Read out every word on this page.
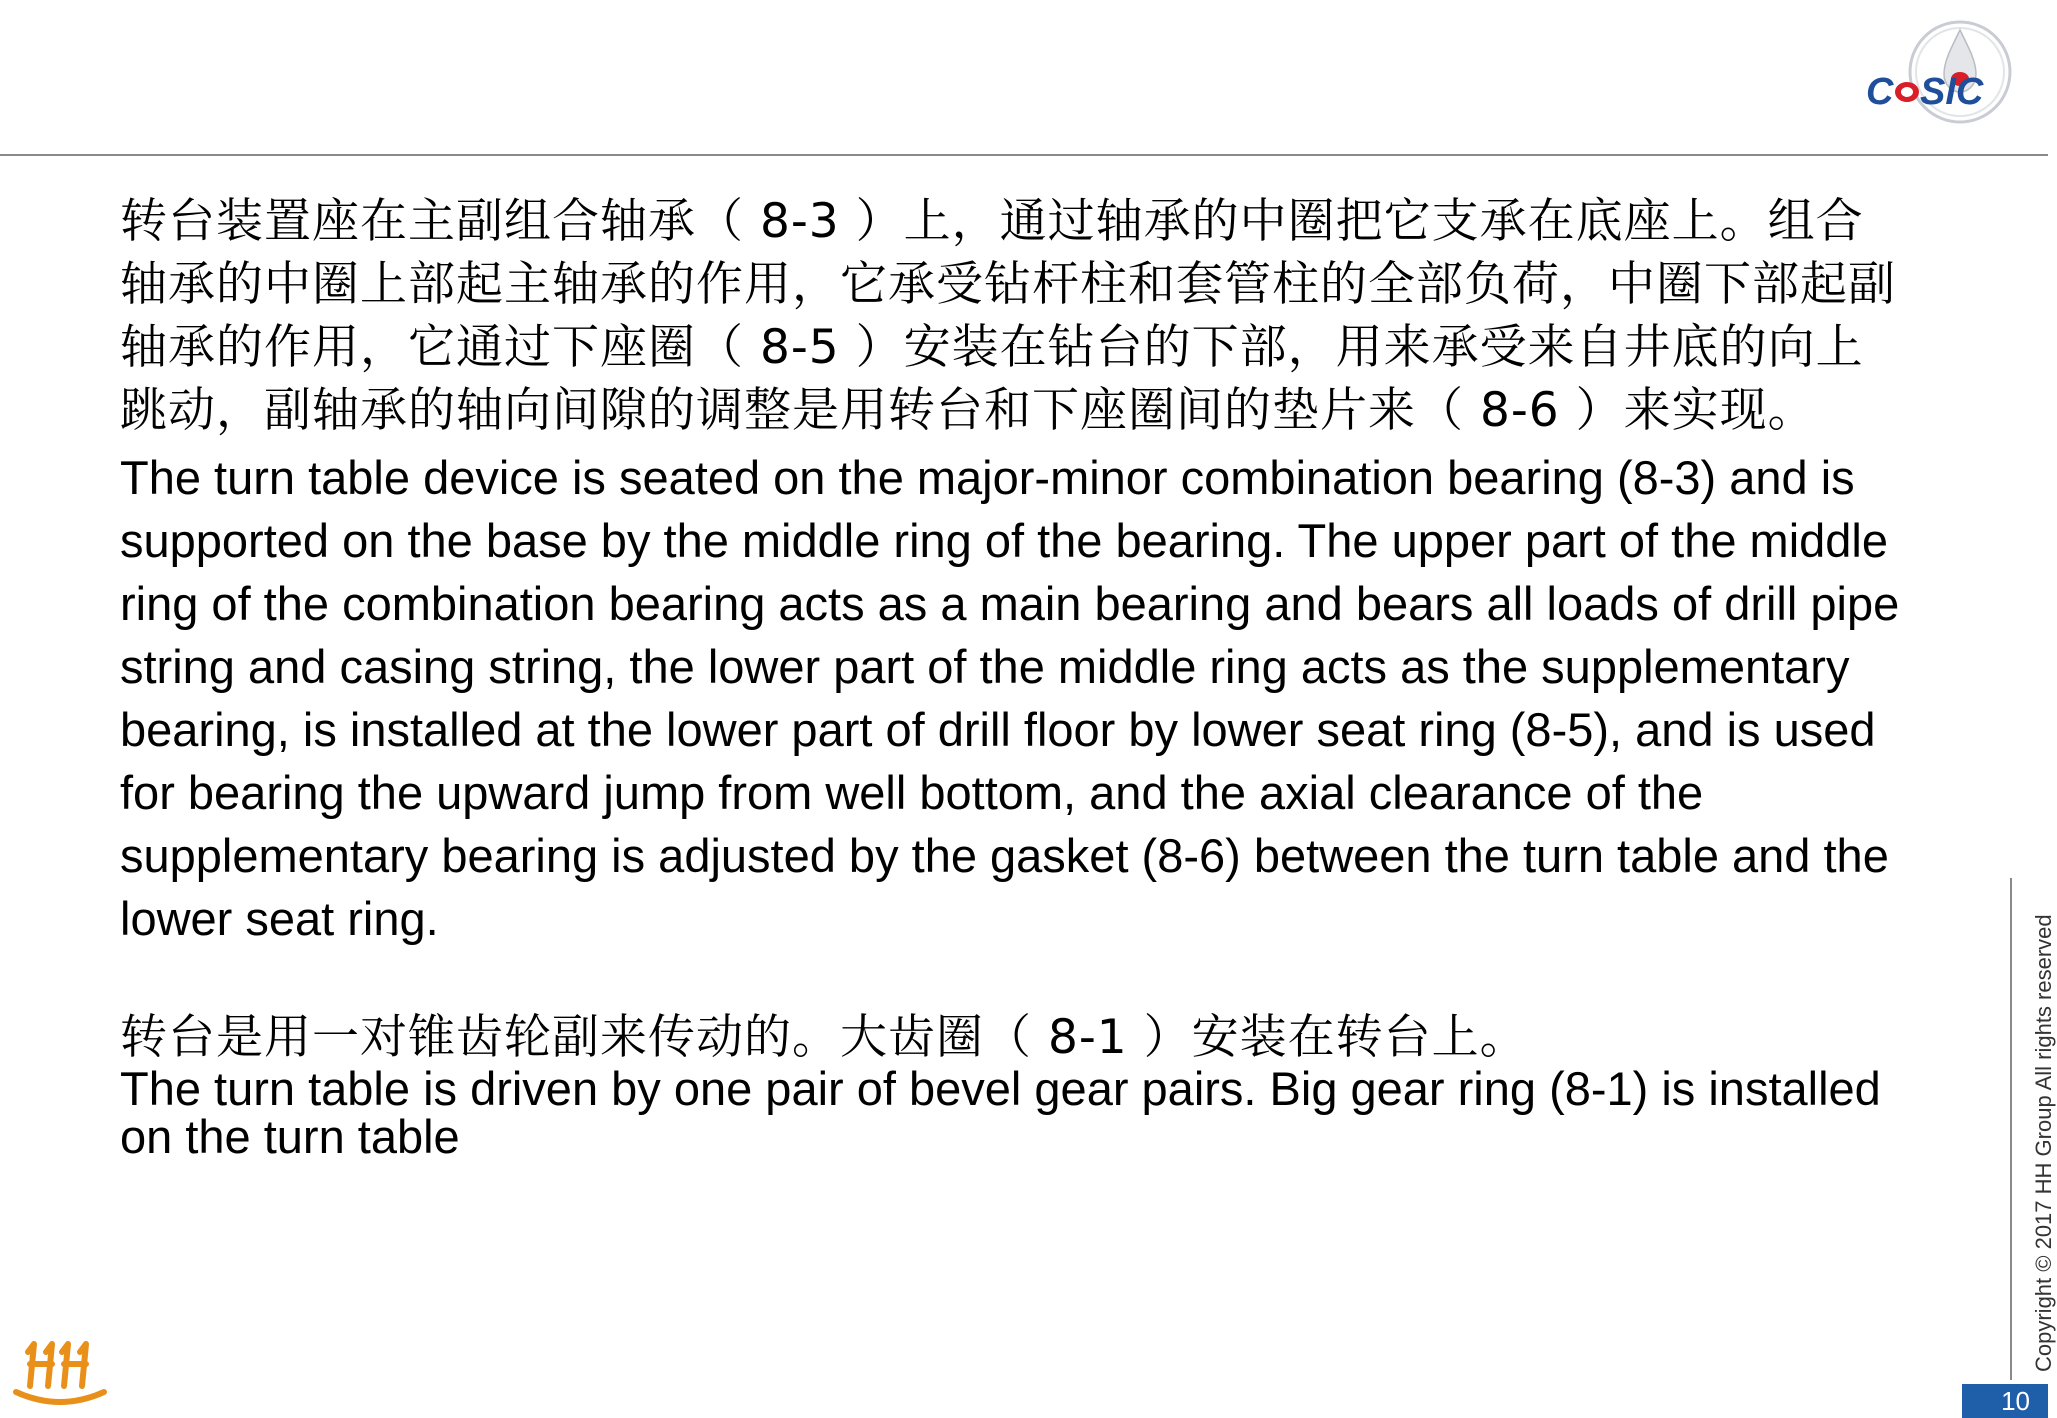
C SIC

转台装置座在主副组合轴承（ 8-3 ）上，通过轴承的中圈把它支承在底座上。组合轴承的中圈上部起主轴承的作用，它承受钻杆柱和套管柱的全部负荷，中圈下部起副轴承的作用，它通过下座圈（ 8-5 ）安装在钻台的下部，用来承受来自井底的向上跳动，副轴承的轴向间隙的调整是用转台和下座圈间的垫片来（ 8-6 ）来实现。

The turn table device is seated on the major-minor combination bearing (8-3) and is supported on the base by the middle ring of the bearing. The upper part of the middle ring of the combination bearing acts as a main bearing and bears all loads of drill pipe string and casing string, the lower part of the middle ring acts as the supplementary bearing, is installed at the lower part of drill floor by lower seat ring (8-5), and is used for bearing the upward jump from well bottom, and the axial clearance of the supplementary bearing is adjusted by the gasket (8-6) between the turn table and the lower seat ring.

转台是用一对锥齿轮副来传动的。大齿圈（ 8-1 ）安装在转台上。

The turn table is driven by one pair of bevel gear pairs. Big gear ring (8-1) is installed on the turn table	Copyright © 2017 HH Group All rights reserved
10
